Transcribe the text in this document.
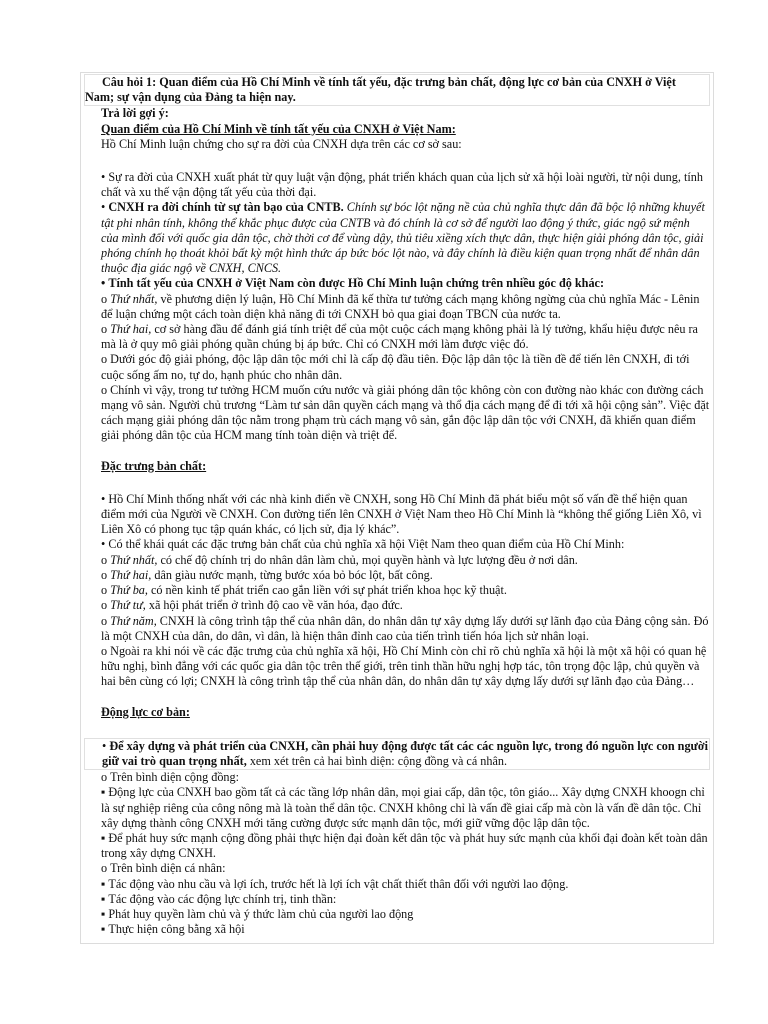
Câu hỏi 1: Quan điểm của Hồ Chí Minh về tính tất yếu, đặc trưng bản chất, động lực cơ bản của CNXH ở Việt
Nam; sự vận dụng của Đảng ta hiện nay.

Trả lời gợi ý:

Quan điểm của Hồ Chí Minh về tính tất yếu của CNXH ở Việt Nam:

Hồ Chí Minh luận chứng cho sự ra đời của CNXH dựa trên các cơ sở sau:

• Sự ra đời của CNXH xuất phát từ quy luật vận động, phát triển khách quan của lịch sử xã hội loài người, từ nội dung, tính chất và xu thế vận động tất yếu của thời đại.

• CNXH ra đời chính từ sự tàn bạo của CNTB. Chính sự bóc lột nặng nề của chủ nghĩa thực dân đã bộc lộ những khuyết tật phi nhân tính, không thể khắc phục được của CNTB và đó chính là cơ sở để người lao động ý thức, giác ngộ sứ mệnh của mình đối với quốc gia dân tộc, chờ thời cơ để vùng dậy, thủ tiêu xiềng xích thực dân, thực hiện giải phóng dân tộc, giải phóng chính họ thoát khỏi bất kỳ một hình thức áp bức bóc lột nào, và đây chính là điều kiện quan trọng nhất để nhân dân thuộc địa giác ngộ về CNXH, CNCS.

• Tính tất yếu của CNXH ở Việt Nam còn được Hồ Chí Minh luận chứng trên nhiều góc độ khác:

o Thứ nhất, về phương diện lý luận, Hồ Chí Minh đã kế thừa tư tưởng cách mạng không ngừng của chủ nghĩa Mác - Lênin để luận chứng một cách toàn diện khả năng đi tới CNXH bỏ qua giai đoạn TBCN của nước ta.

o Thứ hai, cơ sở hàng đầu để đánh giá tính triệt để của một cuộc cách mạng không phải là lý tưởng, khẩu hiệu được nêu ra mà là ở quy mô giải phóng quần chúng bị áp bức. Chỉ có CNXH mới làm được việc đó.

o Dưới góc độ giải phóng, độc lập dân tộc mới chỉ là cấp độ đầu tiên. Độc lập dân tộc là tiền đề để tiến lên CNXH, đi tới cuộc sống ấm no, tự do, hạnh phúc cho nhân dân.

o Chính vì vậy, trong tư tưởng HCM muốn cứu nước và giải phóng dân tộc không còn con đường nào khác con đường cách mạng vô sản. Người chủ trương “Làm tư sản dân quyền cách mạng và thổ địa cách mạng để đi tới xã hội cộng sản”. Việc đặt cách mạng giải phóng dân tộc nằm trong phạm trù cách mạng vô sản, gắn độc lập dân tộc với CNXH, đã khiến quan điểm giải phóng dân tộc của HCM mang tính toàn diện và triệt để.

Đặc trưng bản chất:

• Hồ Chí Minh thống nhất với các nhà kinh điển về CNXH, song Hồ Chí Minh đã phát biểu một số vấn đề thể hiện quan điểm mới của Người về CNXH. Con đường tiến lên CNXH ở Việt Nam theo Hồ Chí Minh là “không thể giống Liên Xô, vì Liên Xô có phong tục tập quán khác, có lịch sử, địa lý khác”.

• Có thể khái quát các đặc trưng bản chất của chủ nghĩa xã hội Việt Nam theo quan điểm của Hồ Chí Minh:

o Thứ nhất, có chế độ chính trị do nhân dân làm chủ, mọi quyền hành và lực lượng đều ở nơi dân.

o Thứ hai, dân giàu nước mạnh, từng bước xóa bỏ bóc lột, bất công.

o Thứ ba, có nền kinh tế phát triển cao gắn liền với sự phát triển khoa học kỹ thuật.

o Thứ tư, xã hội phát triển ở trình độ cao về văn hóa, đạo đức.

o Thứ năm, CNXH là công trình tập thể của nhân dân, do nhân dân tự xây dựng lấy dưới sự lãnh đạo của Đảng cộng sản. Đó là một CNXH của dân, do dân, vì dân, là hiện thân đỉnh cao của tiến trình tiến hóa lịch sử nhân loại.

o Ngoài ra khi nói về các đặc trưng của chủ nghĩa xã hội, Hồ Chí Minh còn chỉ rõ chủ nghĩa xã hội là một xã hội có quan hệ hữu nghị, bình đẳng với các quốc gia dân tộc trên thế giới, trên tinh thần hữu nghị hợp tác, tôn trọng độc lập, chủ quyền và hai bên cùng có lợi; CNXH là công trình tập thể của nhân dân, do nhân dân tự xây dựng lấy dưới sự lãnh đạo của Đảng…

Động lực cơ bản:

• Để xây dựng và phát triển của CNXH, cần phải huy động được tất các các nguồn lực, trong đó nguồn lực con người giữ vai trò quan trọng nhất, xem xét trên cả hai bình diện: cộng đồng và cá nhân.

o Trên bình diện cộng đồng:

▪ Động lực của CNXH bao gồm tất cả các tầng lớp nhân dân, mọi giai cấp, dân tộc, tôn giáo... Xây dựng CNXH khoogn chỉ là sự nghiệp riêng của công nông mà là toàn thể dân tộc. CNXH không chỉ là vấn đề giai cấp mà còn là vấn đề dân tộc. Chỉ xây dựng thành công CNXH mới tăng cường được sức mạnh dân tộc, mới giữ vững độc lập dân tộc.

▪ Để phát huy sức mạnh cộng đồng phải thực hiện đại đoàn kết dân tộc và phát huy sức mạnh của khối đại đoàn kết toàn dân trong xây dựng CNXH.

o Trên bình diện cá nhân:

▪ Tác động vào nhu cầu và lợi ích, trước hết là lợi ích vật chất thiết thân đối với người lao động.

▪ Tác động vào các động lực chính trị, tinh thần:

▪ Phát huy quyền làm chủ và ý thức làm chủ của người lao động

▪ Thực hiện công bằng xã hội
